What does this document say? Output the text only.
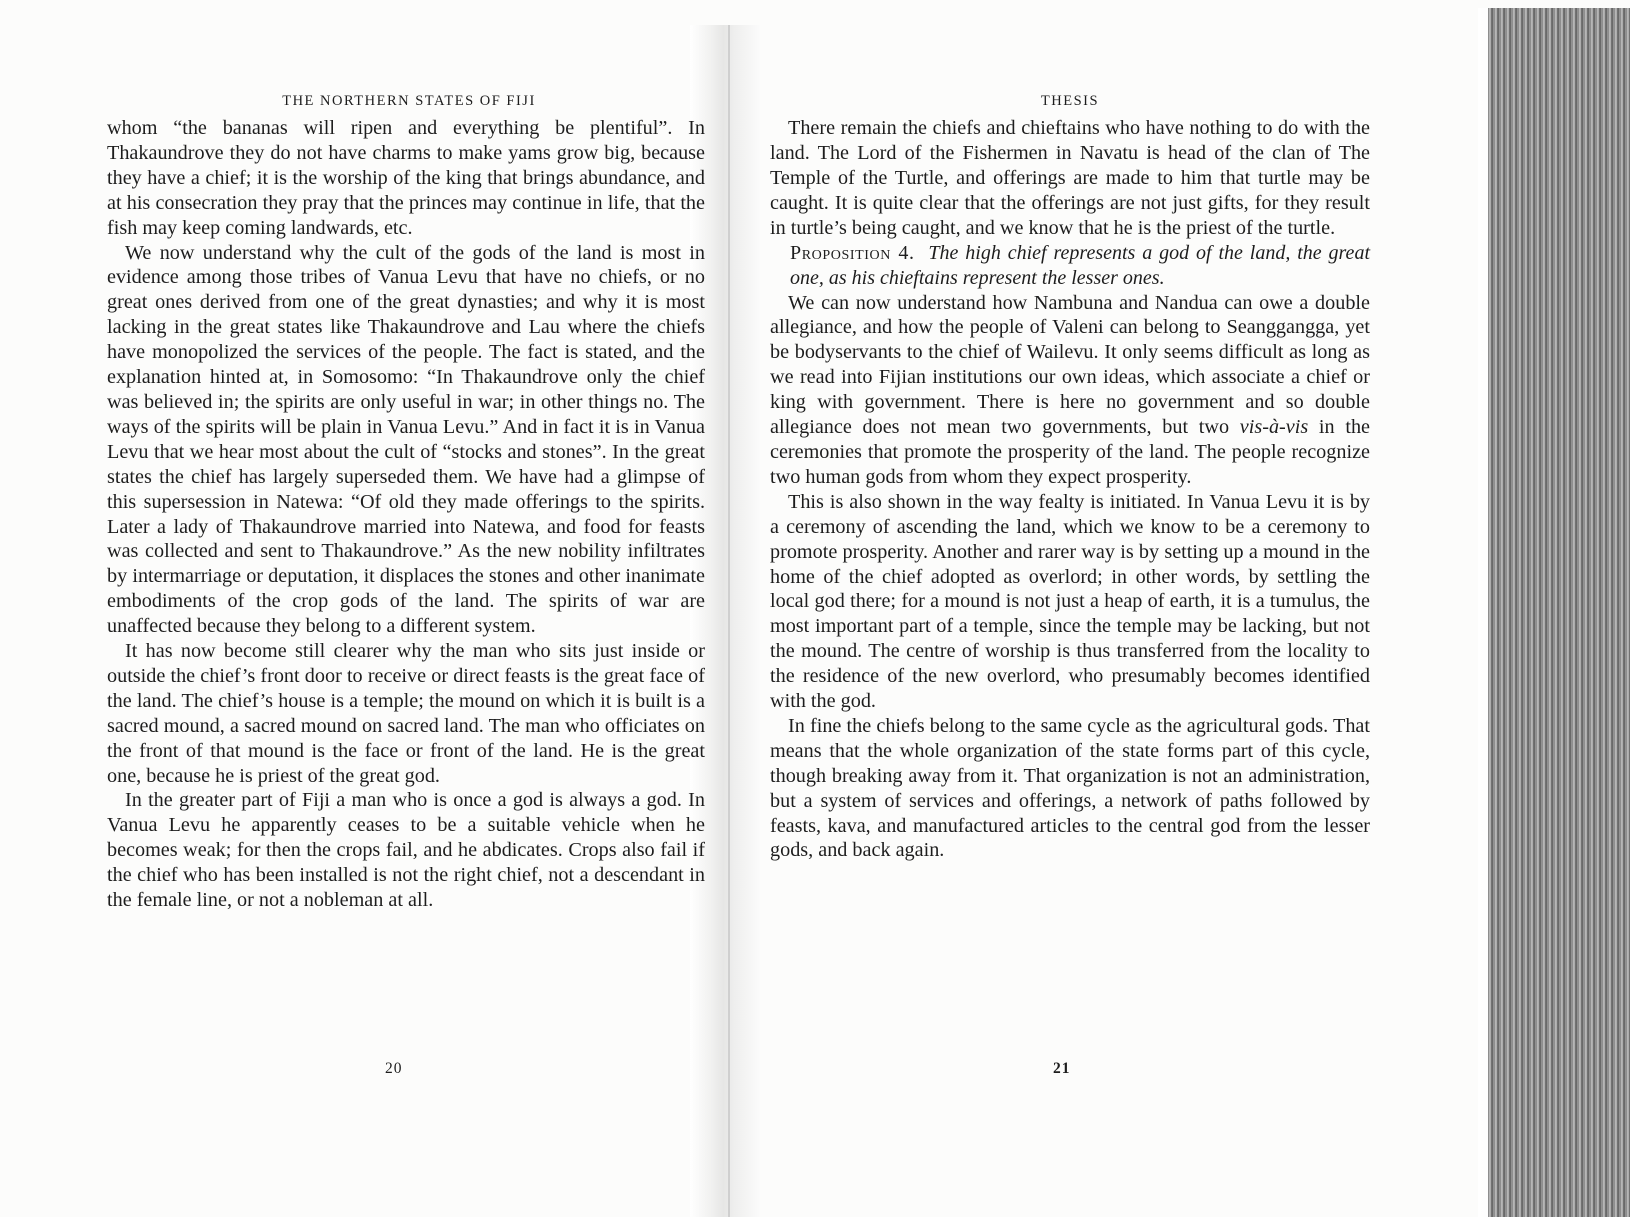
THE NORTHERN STATES OF FIJI

whom “the bananas will ripen and everything be plentiful”. In Thakaundrove they do not have charms to make yams grow big, because they have a chief; it is the worship of the king that brings abundance, and at his consecration they pray that the princes may continue in life, that the fish may keep coming landwards, etc.

We now understand why the cult of the gods of the land is most in evidence among those tribes of Vanua Levu that have no chiefs, or no great ones derived from one of the great dynasties; and why it is most lacking in the great states like Thakaundrove and Lau where the chiefs have monopolized the services of the people. The fact is stated, and the explanation hinted at, in Somosomo: “In Thakaundrove only the chief was believed in; the spirits are only useful in war; in other things no. The ways of the spirits will be plain in Vanua Levu.” And in fact it is in Vanua Levu that we hear most about the cult of “stocks and stones”. In the great states the chief has largely superseded them. We have had a glimpse of this supersession in Natewa: “Of old they made offerings to the spirits. Later a lady of Thakaundrove married into Natewa, and food for feasts was collected and sent to Thakaundrove.” As the new nobility infiltrates by intermarriage or deputation, it displaces the stones and other inanimate embodiments of the crop gods of the land. The spirits of war are unaffected because they belong to a different system.

It has now become still clearer why the man who sits just inside or outside the chief’s front door to receive or direct feasts is the great face of the land. The chief’s house is a temple; the mound on which it is built is a sacred mound, a sacred mound on sacred land. The man who officiates on the front of that mound is the face or front of the land. He is the great one, because he is priest of the great god.

In the greater part of Fiji a man who is once a god is always a god. In Vanua Levu he apparently ceases to be a suitable vehicle when he becomes weak; for then the crops fail, and he abdicates. Crops also fail if the chief who has been installed is not the right chief, not a descendant in the female line, or not a nobleman at all.

THESIS

There remain the chiefs and chieftains who have nothing to do with the land. The Lord of the Fishermen in Navatu is head of the clan of The Temple of the Turtle, and offerings are made to him that turtle may be caught. It is quite clear that the offerings are not just gifts, for they result in turtle’s being caught, and we know that he is the priest of the turtle.

Proposition 4. The high chief represents a god of the land, the great one, as his chieftains represent the lesser ones.

We can now understand how Nambuna and Nandua can owe a double allegiance, and how the people of Valeni can belong to Seanggangga, yet be bodyservants to the chief of Wailevu. It only seems difficult as long as we read into Fijian institutions our own ideas, which associate a chief or king with government. There is here no government and so double allegiance does not mean two governments, but two vis-à-vis in the ceremonies that promote the prosperity of the land. The people recognize two human gods from whom they expect prosperity.

This is also shown in the way fealty is initiated. In Vanua Levu it is by a ceremony of ascending the land, which we know to be a ceremony to promote prosperity. Another and rarer way is by setting up a mound in the home of the chief adopted as overlord; in other words, by settling the local god there; for a mound is not just a heap of earth, it is a tumulus, the most important part of a temple, since the temple may be lacking, but not the mound. The centre of worship is thus transferred from the locality to the residence of the new overlord, who presumably becomes identified with the god.

In fine the chiefs belong to the same cycle as the agricultural gods. That means that the whole organization of the state forms part of this cycle, though breaking away from it. That organization is not an administration, but a system of services and offerings, a network of paths followed by feasts, kava, and manufactured articles to the central god from the lesser gods, and back again.

20	21
